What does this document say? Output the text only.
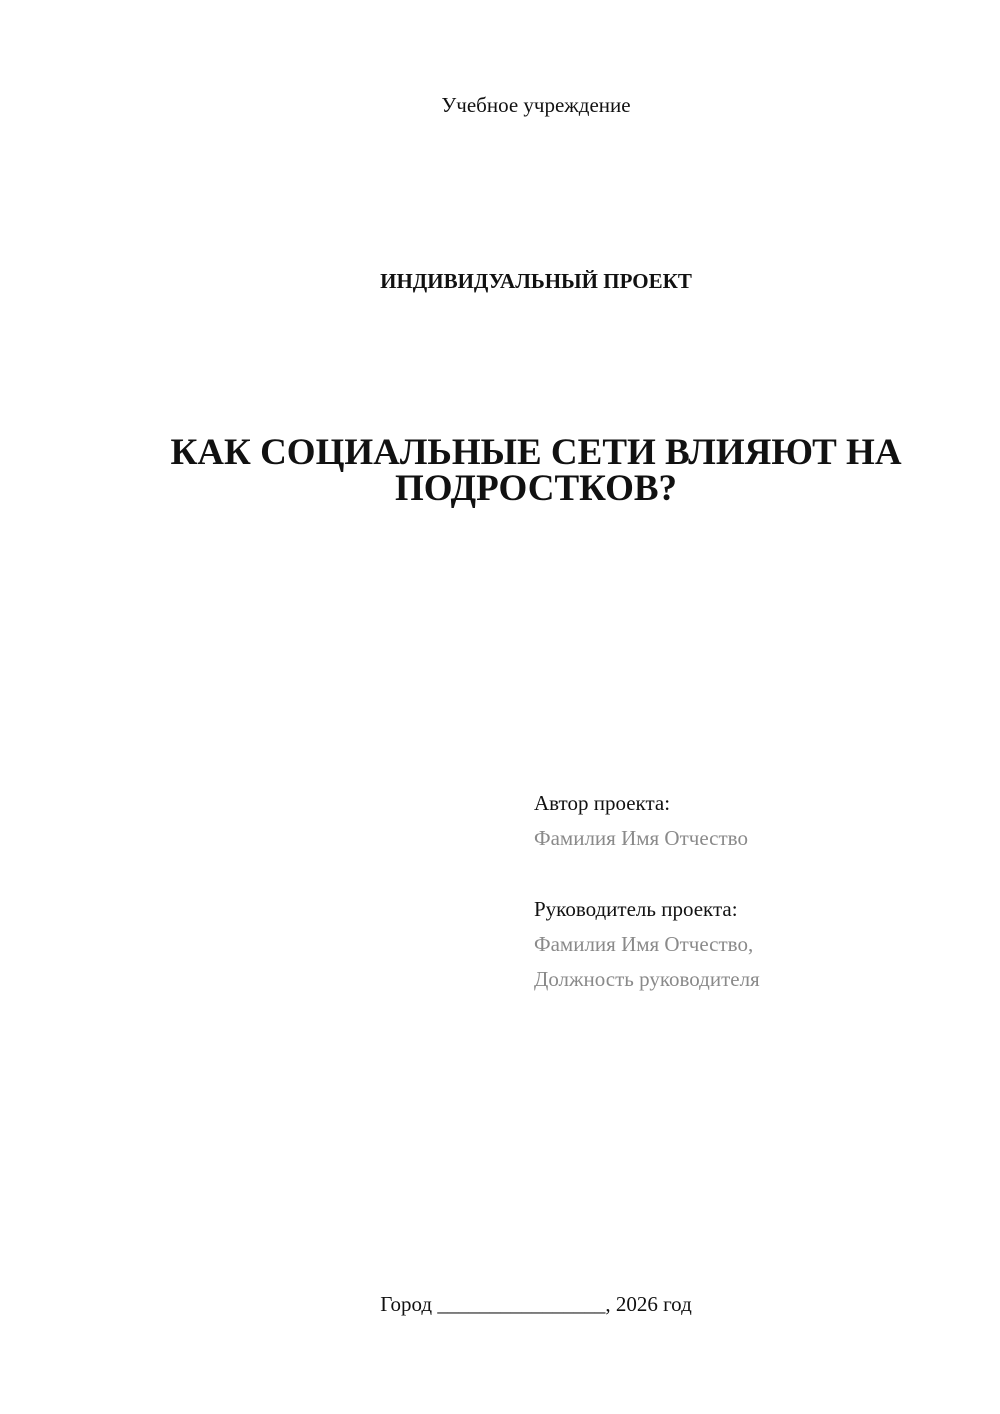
Учебное учреждение
ИНДИВИДУАЛЬНЫЙ ПРОЕКТ
КАК СОЦИАЛЬНЫЕ СЕТИ ВЛИЯЮТ НА
ПОДРОСТКОВ?
Автор проекта:
Фамилия Имя Отчество
Руководитель проекта:
Фамилия Имя Отчество,
Должность руководителя
Город ________________, 2026 год
